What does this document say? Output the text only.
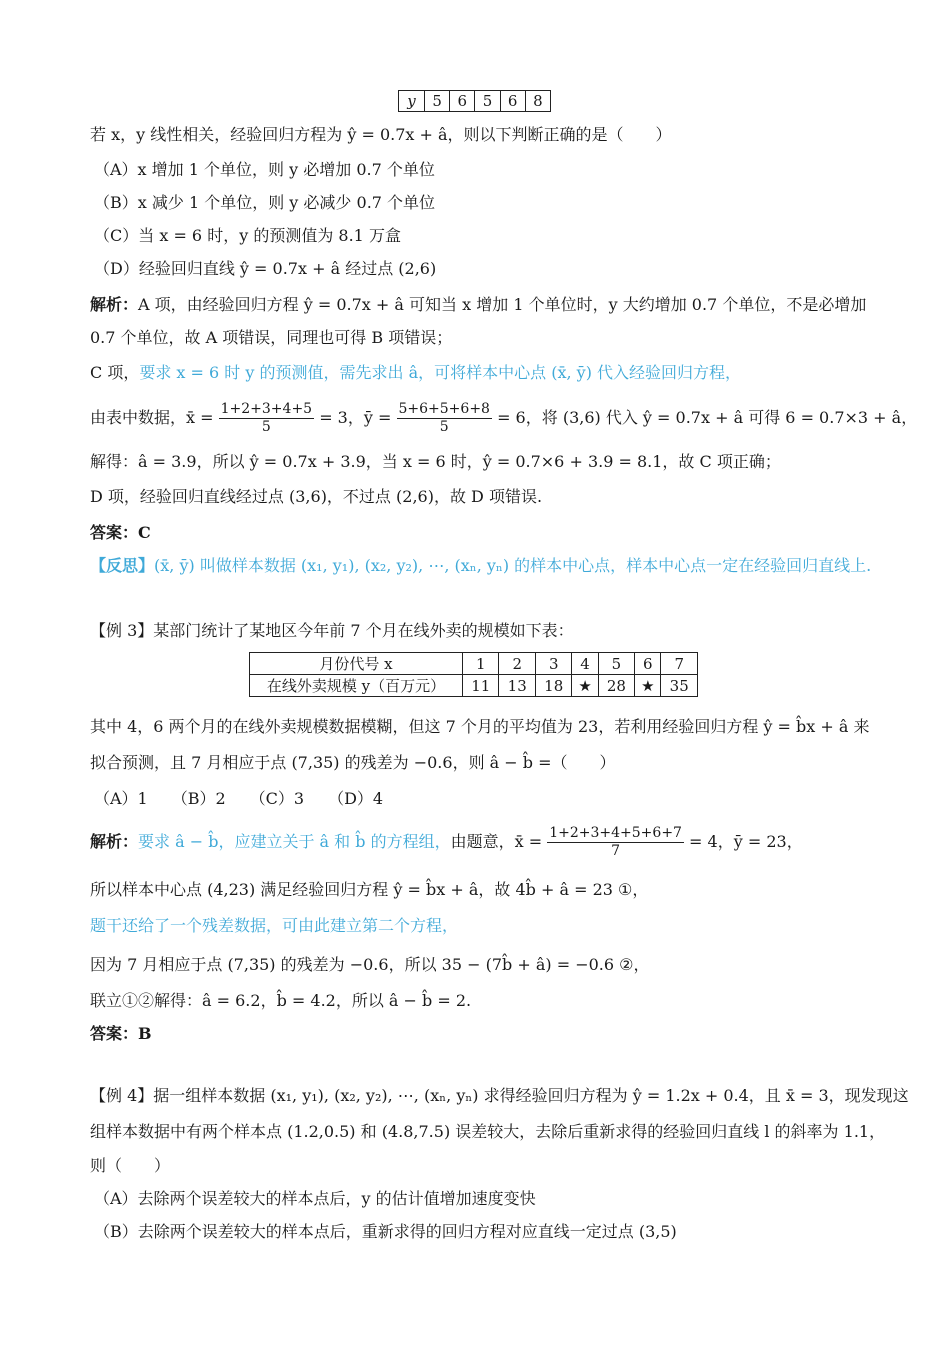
y	5	6	5	6	8
若 x，y 线性相关，经验回归方程为 ŷ = 0.7x + â，则以下判断正确的是（　　）
（A）x 增加 1 个单位，则 y 必增加 0.7 个单位
（B）x 减少 1 个单位，则 y 必减少 0.7 个单位
（C）当 x = 6 时，y 的预测值为 8.1 万盒
（D）经验回归直线 ŷ = 0.7x + â 经过点 (2,6)
解析：A 项，由经验回归方程 ŷ = 0.7x + â 可知当 x 增加 1 个单位时，y 大约增加 0.7 个单位，不是必增加
0.7 个单位，故 A 项错误，同理也可得 B 项错误；
C 项，要求 x = 6 时 y 的预测值，需先求出 â，可将样本中心点 (x̄, ȳ) 代入经验回归方程，
由表中数据，x̄ = $\frac{1+2+3+4+5}{5} = 3$，ȳ = $\frac{5+6+5+6+8}{5} = 6$，将 (3,6) 代入 ŷ = 0.7x + â 可得 6 = 0.7×3 + â，
解得：â = 3.9，所以 ŷ = 0.7x + 3.9，当 x = 6 时，ŷ = 0.7×6 + 3.9 = 8.1，故 C 项正确；
D 项，经验回归直线经过点 (3,6)，不过点 (2,6)，故 D 项错误.
答案：C
【反思】(x̄, ȳ) 叫做样本数据 (x₁, y₁), (x₂, y₂), ⋯, (xₙ, yₙ) 的样本中心点，样本中心点一定在经验回归直线上.
【例 3】某部门统计了某地区今年前 7 个月在线外卖的规模如下表：
月份代号 x	1	2	3	4	5	6	7
在线外卖规模 y（百万元）	11	13	18	★	28	★	35
其中 4，6 两个月的在线外卖规模数据模糊，但这 7 个月的平均值为 23，若利用经验回归方程 ŷ = b̂x + â 来
拟合预测，且 7 月相应于点 (7,35) 的残差为 −0.6，则 â − b̂ =（　　）
（A）1　　（B）2　　（C）3　　（D）4
解析：要求 â − b̂，应建立关于 â 和 b̂ 的方程组，由题意，x̄ = $\frac{1+2+3+4+5+6+7}{7} = 4$，ȳ = 23，
所以样本中心点 (4,23) 满足经验回归方程 ŷ = b̂x + â，故 4b̂ + â = 23 ①，
题干还给了一个残差数据，可由此建立第二个方程，
因为 7 月相应于点 (7,35) 的残差为 −0.6，所以 35 − (7b̂ + â) = −0.6 ②，
联立①②解得：â = 6.2，b̂ = 4.2，所以 â − b̂ = 2.
答案：B
【例 4】据一组样本数据 (x₁, y₁), (x₂, y₂), ⋯, (xₙ, yₙ) 求得经验回归方程为 ŷ = 1.2x + 0.4，且 x̄ = 3，现发现这
组样本数据中有两个样本点 (1.2,0.5) 和 (4.8,7.5) 误差较大，去除后重新求得的经验回归直线 l 的斜率为 1.1，
则（　　）
（A）去除两个误差较大的样本点后，y 的估计值增加速度变快
（B）去除两个误差较大的样本点后，重新求得的回归方程对应直线一定过点 (3,5)
